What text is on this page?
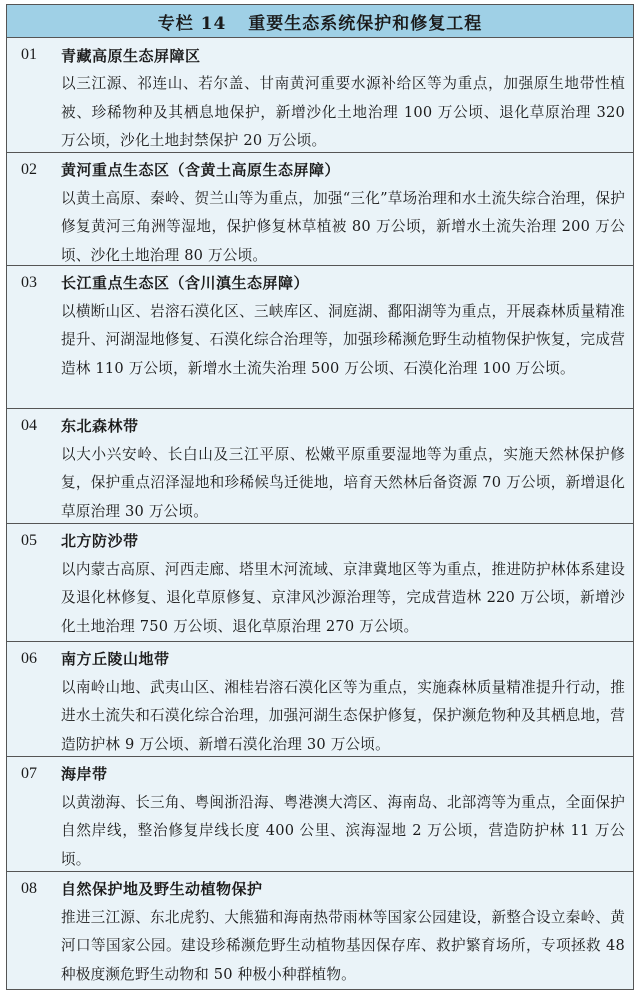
专栏 14 重要生态系统保护和修复工程
01	青藏高原生态屏障区
以三江源、祁连山、若尔盖、甘南黄河重要水源补给区等为重点，加强原生地带性植被、珍稀物种及其栖息地保护，新增沙化土地治理 100 万公顷、退化草原治理 320 万公顷，沙化土地封禁保护 20 万公顷。
02	黄河重点生态区（含黄土高原生态屏障）
以黄土高原、秦岭、贺兰山等为重点，加强“三化”草场治理和水土流失综合治理，保护修复黄河三角洲等湿地，保护修复林草植被 80 万公顷，新增水土流失治理 200 万公顷、沙化土地治理 80 万公顷。
03	长江重点生态区（含川滇生态屏障）
以横断山区、岩溶石漠化区、三峡库区、洞庭湖、鄱阳湖等为重点，开展森林质量精准提升、河湖湿地修复、石漠化综合治理等，加强珍稀濒危野生动植物保护恢复，完成营造林 110 万公顷，新增水土流失治理 500 万公顷、石漠化治理 100 万公顷。
04	东北森林带
以大小兴安岭、长白山及三江平原、松嫩平原重要湿地等为重点，实施天然林保护修复，保护重点沼泽湿地和珍稀候鸟迁徙地，培育天然林后备资源 70 万公顷，新增退化草原治理 30 万公顷。
05	北方防沙带
以内蒙古高原、河西走廊、塔里木河流域、京津冀地区等为重点，推进防护林体系建设及退化林修复、退化草原修复、京津风沙源治理等，完成营造林 220 万公顷，新增沙化土地治理 750 万公顷、退化草原治理 270 万公顷。
06	南方丘陵山地带
以南岭山地、武夷山区、湘桂岩溶石漠化区等为重点，实施森林质量精准提升行动，推进水土流失和石漠化综合治理，加强河湖生态保护修复，保护濒危物种及其栖息地，营造防护林 9 万公顷、新增石漠化治理 30 万公顷。
07	海岸带
以黄渤海、长三角、粤闽浙沿海、粤港澳大湾区、海南岛、北部湾等为重点，全面保护自然岸线，整治修复岸线长度 400 公里、滨海湿地 2 万公顷，营造防护林 11 万公顷。
08	自然保护地及野生动植物保护
推进三江源、东北虎豹、大熊猫和海南热带雨林等国家公园建设，新整合设立秦岭、黄河口等国家公园。建设珍稀濒危野生动植物基因保存库、救护繁育场所，专项拯救 48 种极度濒危野生动物和 50 种极小种群植物。
